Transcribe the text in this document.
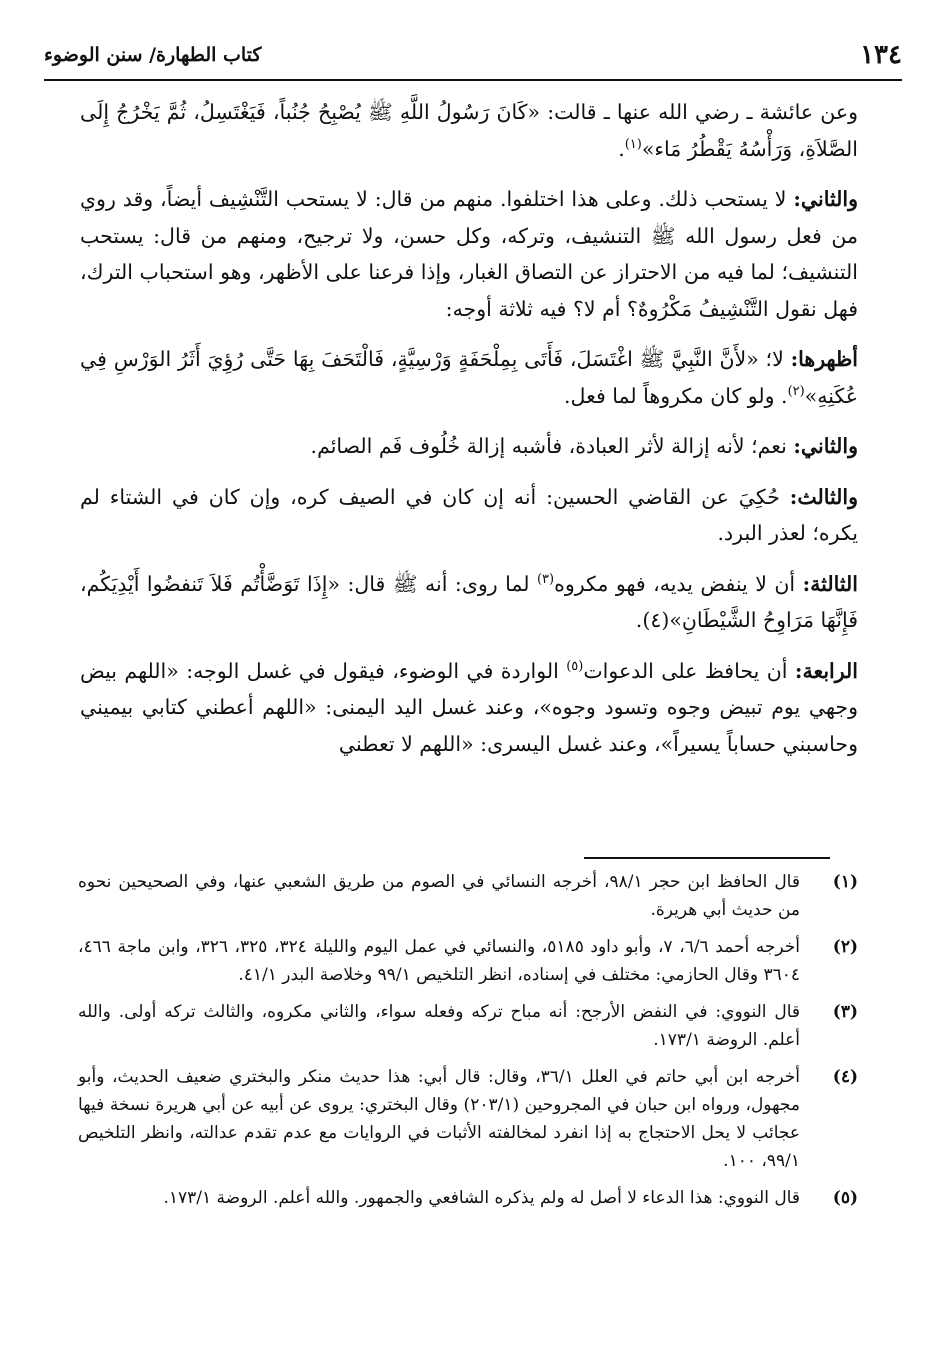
١٣٤
كتاب الطهارة/ سنن الوضوء

وعن عائشة ـ رضي الله عنها ـ قالت: «كَانَ رَسُولُ اللَّهِ ﷺ يُصْبِحُ جُنُباً، فَيَغْتَسِلُ، ثُمَّ يَخْرُجُ إِلَى الصَّلاَةِ، وَرَأْسُهُ يَقْطُرُ مَاء»$^{(١)}$.

والثاني: لا يستحب ذلك. وعلى هذا اختلفوا. منهم من قال: لا يستحب التَّنْشِيف أيضاً، وقد روي من فعل رسول الله ﷺ التنشيف، وتركه، وكل حسن، ولا ترجيح، ومنهم من قال: يستحب التنشيف؛ لما فيه من الاحتراز عن التصاق الغبار، وإذا فرعنا على الأظهر، وهو استحباب الترك، فهل نقول التَّنْشِيفُ مَكْرُوهٌ؟ أم لا؟ فيه ثلاثة أوجه:

أظهرها: لا؛ «لأَنَّ النَّبِيَّ ﷺ اغْتَسَلَ، فَأَتَى بِمِلْحَفَةٍ وَرْسِيَّةٍ، فَالْتَحَفَ بِهَا حَتَّى رُؤِيَ أَثَرُ الوَرْسِ فِي عُكَنِهِ»$^{(٢)}$. ولو كان مكروهاً لما فعل.

والثاني: نعم؛ لأنه إزالة لأثر العبادة، فأشبه إزالة خُلُوف فَم الصائم.

والثالث: حُكِيَ عن القاضي الحسين: أنه إن كان في الصيف كره، وإن كان في الشتاء لم يكره؛ لعذر البرد.

الثالثة: أن لا ينفض يديه، فهو مكروه$^{(٣)}$ لما روى: أنه ﷺ قال: «إِذَا تَوَضَّأْتُم فَلاَ تَنفضُوا أَيْدِيَكُم، فَإِنَّهَا مَرَاوِحُ الشَّيْطَانِ»(٤).

الرابعة: أن يحافظ على الدعوات$^{(٥)}$ الواردة في الوضوء، فيقول في غسل الوجه: «اللهم بيض وجهي يوم تبيض وجوه وتسود وجوه»، وعند غسل اليد اليمنى: «اللهم أعطني كتابي بيميني وحاسبني حساباً يسيراً»، وعند غسل اليسرى: «اللهم لا تعطني

(١)
قال الحافظ ابن حجر ٩٨/١، أخرجه النسائي في الصوم من طريق الشعبي عنها، وفي الصحيحين نحوه من حديث أبي هريرة.
(٢)
أخرجه أحمد ٦/٦، ٧، وأبو داود ٥١٨٥، والنسائي في عمل اليوم والليلة ٣٢٤، ٣٢٥، ٣٢٦، وابن ماجة ٤٦٦، ٣٦٠٤ وقال الحازمي: مختلف في إسناده، انظر التلخيص ٩٩/١ وخلاصة البدر ٤١/١.
(٣)
قال النووي: في النفض الأرجح: أنه مباح تركه وفعله سواء، والثاني مكروه، والثالث تركه أولى. والله أعلم. الروضة ١٧٣/١.
(٤)
أخرجه ابن أبي حاتم في العلل ٣٦/١، وقال: قال أبي: هذا حديث منكر والبختري ضعيف الحديث، وأبو مجهول، ورواه ابن حبان في المجروحين (٢٠٣/١) وقال البختري: يروى عن أبيه عن أبي هريرة نسخة فيها عجائب لا يحل الاحتجاج به إذا انفرد لمخالفته الأثبات في الروايات مع عدم تقدم عدالته، وانظر التلخيص ٩٩/١، ١٠٠.
(٥)
قال النووي: هذا الدعاء لا أصل له ولم يذكره الشافعي والجمهور. والله أعلم. الروضة ١٧٣/١.
